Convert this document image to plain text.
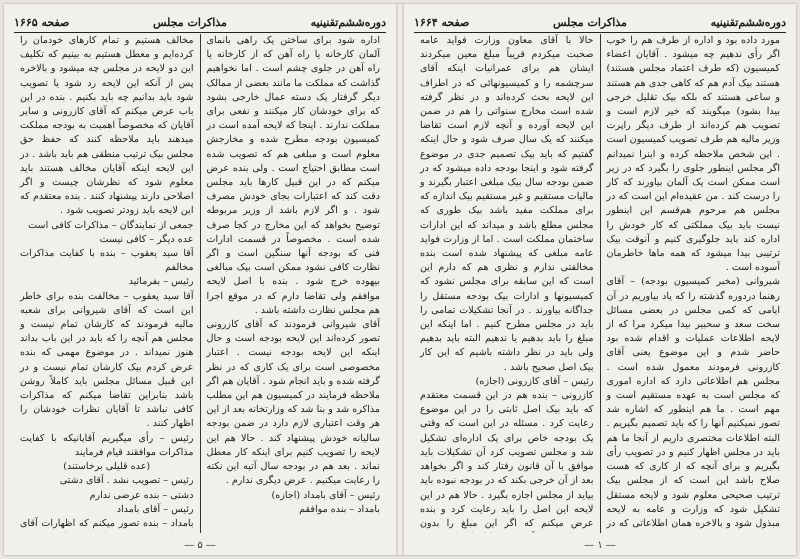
دوره‌ششم‌تقنینیه
مذاکرات مجلس
صفحه ۱۶۶۴

مورد داده بود و اداره از طرف هم را خوب اگر رأی ندهیم چه میشود . آقایان اعضاء کمیسیون (که طرف اعتماد مجلس هستند) هستند بیک آدم هم که کاهی جدی هم هستند و ساعی هستند که بلکه بیک تقلیل خرجی بیدا بشود) میگویند که خیر لازم است و تصویب هم کرده‌اند از طرف دیگر راپرت وزیر مالیه هم طرف تصویب کمیسیون است . این شخص ملاحظه کرده و اینرا نمیدانم اگر مجلس اینطور جلوی را بگیرد که در زیر است ممکن است یک آلمان بیاورند که کار را درست کند . من عقیده‌ام این است که در مجلس هم مرحوم هم‌قسم این اینطور نیست باید بیک مملکتی که کار خودش را اداره کند باید جلوگیری کنیم و آنوقت بیک ترتیبی بیدا میشود که همه ماها خاطرمان آسوده است .

شیروانی (مخبر کمیسیون بودجه) – آقای رهنما دردوره گذشته را که یاد بیاوریم در آن ایامی که کمی مجلس در بعضی مسائل سخت سعد و سحبیر بیدا میکرد مرا که از لایحه اطلاعات عملیات و اقدام شده بود حاضر شدم و این موضوع یعنی آقای کازرونی فرمودند معمول شده است . مجلس هم اطلاعاتی دارد که اداره اموری که مجلس است به عهده مستقیم است و مهم است . ما هم اینطور که اشاره شد تصور نمیکنیم آنها را که باید تصمیم بگیریم . البته اطلاعات مختصری داریم از آنجا ما هم باید در مجلس اظهار کنیم و در تصویب رأی بگیریم و برای آنچه که از کاری که هست صلاح باشد این است که از مجلس بیک ترتیب صحیحی معلوم شود و لایحه مستقل تشکیل شود که وزارت و عامه به لایحه مبذول شود و بالاخره همان اطلاعاتی که در

حالا با آقای معاون وزارت فواید عامه صحبت میکردم قریباً مبلغ معین میکردند ایشان هم برای عمرانیات اینکه آقای سرچشمه را و کمیسیونهائی که در اطراف این لایحه بحث کرده‌اند و در نظر گرفته شده است مخارج سنواتی را هم در ضمن این لایحه آورده و آنچه لازم است تقاضا میکنند که یک سال صرف شود و حال اینکه گفتیم که باید بیک تصمیم جدی در موضوع گرفته شود و اینجا بودجه داده میشود که در ضمن بودجه سال بیک مبلغی اعتبار بگیرند و مالیات مستقیم و غیر مستقیم بیک اندازه که برای مملکت مفید باشد بیک طوری که مجلس مطلع باشد و میداند که این ادارات ساختمان مملکت است . اما از وزارت فواید عامه مبلغی که پیشنهاد شده است بنده مخالفتی ندارم و نظری هم که دارم این است که این سابقه برای مجلس نشود که کمیسیونها و ادارات بیک بودجه مستقل را جداگانه بیاورند . در آنجا تشکیلات تمامی را باید در مجلس مطرح کنیم . اما اینکه این مبلغ را باید بدهیم یا ندهیم البته باید بدهیم ولی باید در نظر داشته باشیم که این کار بیک اصل صحیح باشد .

رئیس – آقای کازرونی (اجازه)

کازرونی – بنده هم در این قسمت معتقدم که باید بیک اصل ثابتی را در این موضوع رعایت کرد . مسئله در این است که وقتی یک بودجه خاص برای یک اداره‌ای تشکیل شد و مجلس تصویب کرد آن تشکیلات باید موافق با آن قانون رفتار کند و اگر بخواهد بعد از آن خرجی بکند که در بودجه نبوده باید بیاید از مجلس اجازه بگیرد . حالا هم در این لایحه این اصل را باید رعایت کرد و بنده عرض میکنم که اگر این مبلغ را بدون

— ۱ —
دوره‌ششم‌تقنینیه
مذاکرات مجلس
صفحه ۱۶۶۵

اداره شود برای ساختن یک راهی بانمای آلمان کارخانه یا راه آهن که از کارخانه یا راه آهن در جلوی چشم است . اما نخواهیم گذاشت که مملکت ما مانند بعضی از ممالک دیگر گرفتار یک دسته عمال خارجی بشود که برای خودشان کار میکنند و نفعی برای مملکت ندارند . اینجا که لایحه آمده است در کمیسیون بودجه مطرح شده و مخارجش معلوم است و مبلغی هم که تصویب شده است مطابق احتیاج است . ولی بنده عرض میکنم که در این قبیل کارها باید مجلس دقت کند که اعتبارات بجای خودش مصرف شود . و اگر لازم باشد از وزیر مربوطه توضیح بخواهد که این مخارج در کجا صرف شده است . مخصوصاً در قسمت ادارات فنی که بودجه آنها سنگین است و اگر نظارت کافی نشود ممکن است بیک مبالغی بیهوده خرج شود . بنده با اصل لایحه موافقم ولی تقاضا دارم که در موقع اجرا هم مجلس نظارت داشته باشد .

آقای شیروانی فرمودند که آقای کازرونی تصور کرده‌اند این لایحه بودجه است و حال اینکه این لایحه بودجه نیست . اعتبار مخصوصی است برای یک کاری که در نظر گرفته شده و باید انجام شود . آقایان هم اگر ملاحظه فرمایند در کمیسیون هم این مطلب مذاکره شد و بنا شد که وزارتخانه بعد از این هر وقت اعتباری لازم دارد در ضمن بودجه سالیانه خودش پیشنهاد کند . حالا هم این لایحه را تصویب کنیم برای اینکه کار معطل نماند . بعد هم در بودجه سال آتیه این نکته را رعایت میکنیم . عرض دیگری ندارم .

رئیس – آقای بامداد (اجازه)

بامداد – بنده موافقم

مخالف هستیم و تمام کارهای خودمان را کرده‌ایم و معطل هستیم به بینیم که تکلیف این دو لایحه در مجلس چه میشود و بالاخره پس از آنکه این لایحه رد شود یا تصویب شود باید بدانیم چه باید بکنیم . بنده در این باب عرض میکنم که آقای کازرونی و سایر آقایان که مخصوصاً اهمیت به بودجه مملکت میدهند باید ملاحظه کنند که حفظ حق مجلس بیک ترتیب منطقی هم باید باشد . در این لایحه اینکه آقایان مخالف هستند باید معلوم شود که نظرشان چیست و اگر اصلاحی دارند پیشنهاد کنند . بنده معتقدم که این لایحه باید زودتر تصویب شود .

جمعی از نمایندگان – مذاکرات کافی است

عده دیگر – کافی نیست

آقا سید یعقوب – بنده با کفایت مذاکرات مخالفم

رئیس – بفرمائید

آقا سید یعقوب – مخالفت بنده برای خاطر این است که آقای شیروانی برای شعبه مالیه فرمودند که کارشان تمام نیست و مجلس هم آنچه را که باید در این باب بداند هنوز نمیداند . در موضوع مهمی که بنده عرض کردم بیک کارشان تمام نیست و در این قبیل مسائل مجلس باید کاملاً روشن باشد بنابراین تقاضا میکنم که مذاکرات کافی نباشد تا آقایان نظرات خودشان را اظهار کنند .

رئیس – رأی میگیریم آقایانیکه با کفایت مذاکرات موافقند قیام فرمایند

(عده قلیلی برخاستند)

رئیس – تصویب نشد . آقای دشتی

دشتی – بنده عرضی ندارم

رئیس – آقای بامداد

بامداد – بنده تصور میکنم که اظهارات آقای

— ۵ —
